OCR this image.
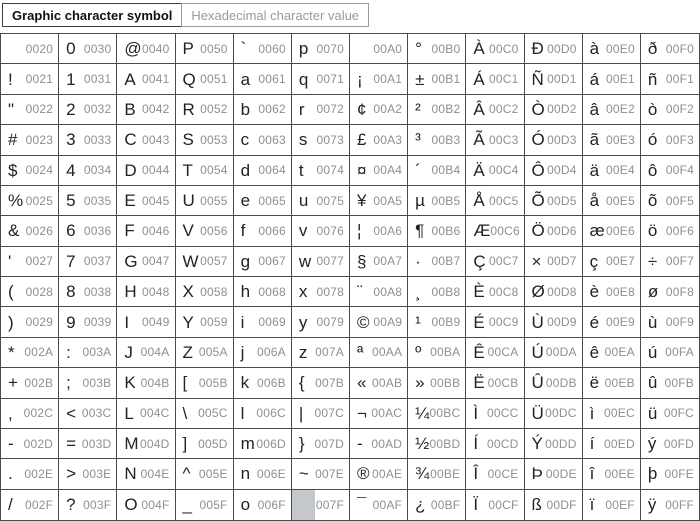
Graphic character symbol Hexadecimal character value
0020 0 0030 @ 0040 P 0050 ` 0060 p 0070 00A0 ° 00B0 À 00C0 Ð 00D0 à 00E0 ð 00F0
! 0021 1 0031 A 0041 Q 0051 a 0061 q 0071 ¡ 00A1 ± 00B1 Á 00C1 Ñ 00D1 á 00E1 ñ 00F1
" 0022 2 0032 B 0042 R 0052 b 0062 r 0072 ¢ 00A2 ² 00B2 Â 00C2 Ò 00D2 â 00E2 ò 00F2
# 0023 3 0033 C 0043 S 0053 c 0063 s 0073 £ 00A3 ³ 00B3 Ã 00C3 Ó 00D3 ã 00E3 ó 00F3
$ 0024 4 0034 D 0044 T 0054 d 0064 t 0074 ¤ 00A4 ´ 00B4 Ä 00C4 Ô 00D4 ä 00E4 ô 00F4
% 0025 5 0035 E 0045 U 0055 e 0065 u 0075 ¥ 00A5 µ 00B5 Å 00C5 Õ 00D5 å 00E5 õ 00F5
& 0026 6 0036 F 0046 V 0056 f 0066 v 0076 ¦ 00A6 ¶ 00B6 Æ 00C6 Ö 00D6 æ 00E6 ö 00F6
' 0027 7 0037 G 0047 W 0057 g 0067 w 0077 § 00A7 · 00B7 Ç 00C7 × 00D7 ç 00E7 ÷ 00F7
( 0028 8 0038 H 0048 X 0058 h 0068 x 0078 ¨ 00A8 ¸ 00B8 È 00C8 Ø 00D8 è 00E8 ø 00F8
) 0029 9 0039 I 0049 Y 0059 i 0069 y 0079 © 00A9 ¹ 00B9 É 00C9 Ù 00D9 é 00E9 ù 00F9
* 002A : 003A J 004A Z 005A j 006A z 007A ª 00AA º 00BA Ê 00CA Ú 00DA ê 00EA ú 00FA
+ 002B ; 003B K 004B [ 005B k 006B { 007B « 00AB » 00BB Ë 00CB Û 00DB ë 00EB û 00FB
, 002C < 003C L 004C \ 005C l 006C | 007C ¬ 00AC ¼ 00BC Ì 00CC Ü 00DC ì 00EC ü 00FC
- 002D = 003D M 004D ] 005D m 006D } 007D - 00AD ½ 00BD Í 00CD Ý 00DD í 00ED ý 00FD
. 002E > 003E N 004E ^ 005E n 006E ~ 007E ® 00AE ¾ 00BE Î 00CE Þ 00DE î 00EE þ 00FE
/ 002F ? 003F O 004F _ 005F o 006F	007F ¯ 00AF ¿ 00BF Ï 00CF ß 00DF ï 00EF ÿ 00FF
